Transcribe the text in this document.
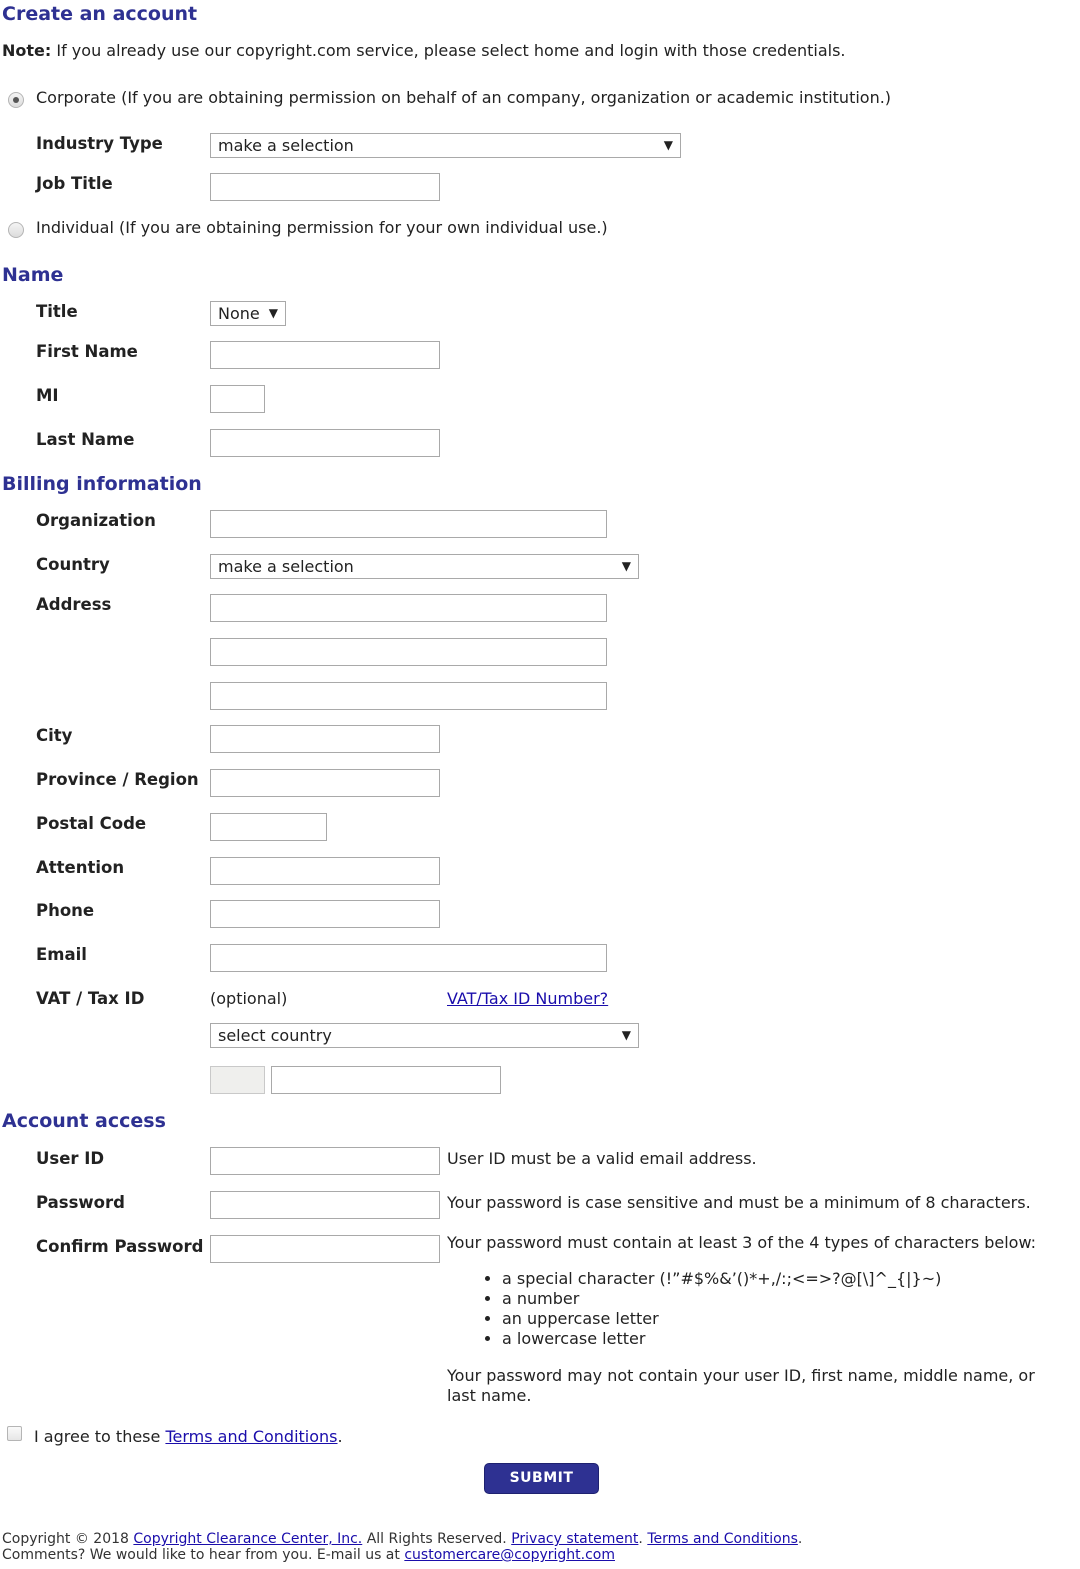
Create an account
Note: If you already use our copyright.com service, please select home and login with those credentials.
Corporate (If you are obtaining permission on behalf of an company, organization or academic institution.)
Industry Type	make a selection	▼
Job Title
Individual (If you are obtaining permission for your own individual use.)
Name
Title	None ▼
First Name
MI
Last Name
Billing information
Organization
Country	make a selection	▼
Address
City
Province / Region
Postal Code
Attention
Phone
Email
VAT / Tax ID	(optional)	VAT/Tax ID Number?
select country	▼
Account access
User ID	User ID must be a valid email address.
Password	Your password is case sensitive and must be a minimum of 8 characters.
Confirm Password	Your password must contain at least 3 of the 4 types of characters below:
• a special character (!”#$%&’()*+,/:;<=>?@[\]^_{|}~)
• a number
• an uppercase letter
• a lowercase letter
Your password may not contain your user ID, first name, middle name, or
last name.
I agree to these Terms and Conditions.
SUBMIT
Copyright © 2018 Copyright Clearance Center, Inc. All Rights Reserved. Privacy statement. Terms and Conditions.
Comments? We would like to hear from you. E-mail us at customercare@copyright.com
